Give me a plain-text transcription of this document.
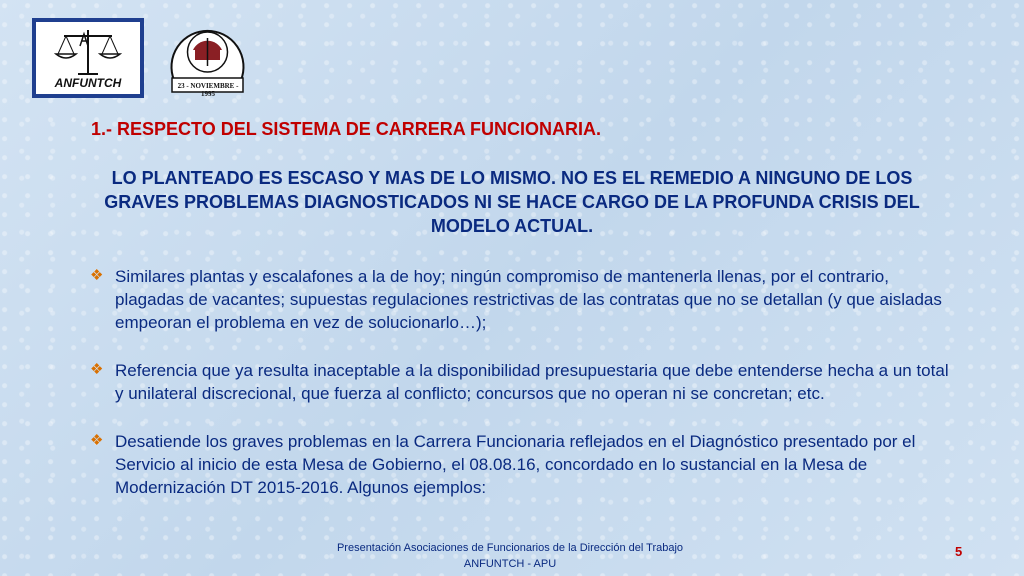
ANFUNTCH	23 - NOVIEMBRE - 1995
1.- RESPECTO DEL SISTEMA DE CARRERA FUNCIONARIA.

LO PLANTEADO ES ESCASO Y MAS DE LO MISMO. NO ES EL REMEDIO A NINGUNO DE LOS GRAVES PROBLEMAS DIAGNOSTICADOS NI SE HACE CARGO DE LA PROFUNDA CRISIS DEL MODELO ACTUAL.

❖ Similares plantas y escalafones a la de hoy; ningún compromiso de mantenerla llenas, por el contrario, plagadas de vacantes; supuestas regulaciones restrictivas de las contratas que no se detallan (y que aisladas empeoran el problema en vez de solucionarlo…);
❖ Referencia que ya resulta inaceptable a la disponibilidad presupuestaria que debe entenderse hecha a un total y unilateral discrecional, que fuerza al conflicto; concursos que no operan ni se concretan; etc.
❖ Desatiende los graves problemas en la Carrera Funcionaria reflejados en el Diagnóstico presentado por el Servicio al inicio de esta Mesa de Gobierno, el 08.08.16, concordado en lo sustancial en la Mesa de Modernización DT 2015-2016. Algunos ejemplos:
Presentación Asociaciones de Funcionarios de la Dirección del Trabajo
ANFUNTCH - APU
5
